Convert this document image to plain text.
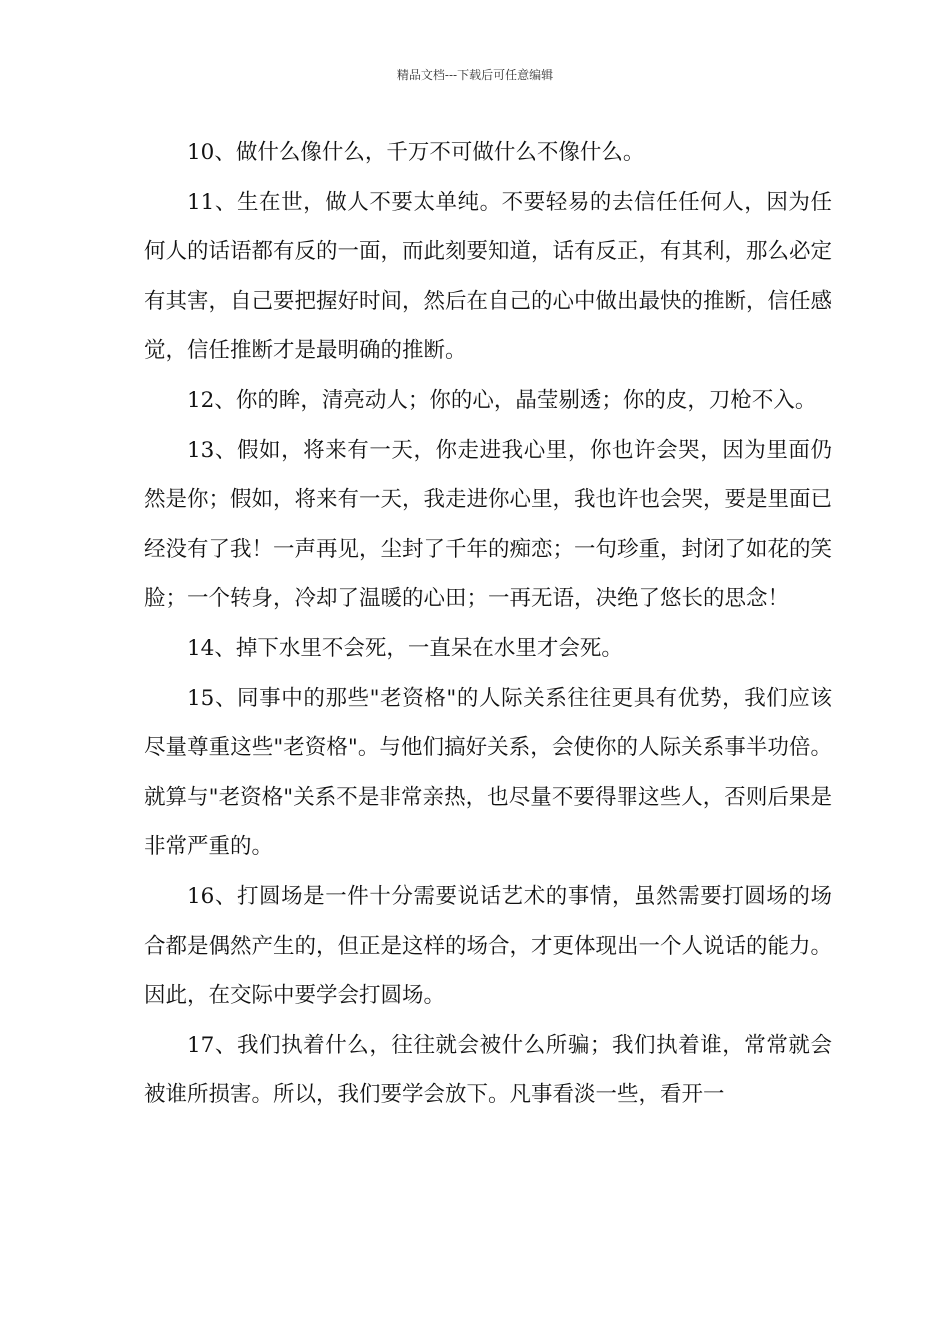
精品文档---下载后可任意编辑

10、做什么像什么，千万不可做什么不像什么。

11、生在世，做人不要太单纯。不要轻易的去信任任何人，因为任何人的话语都有反的一面，而此刻要知道，话有反正，有其利，那么必定有其害，自己要把握好时间，然后在自己的心中做出最快的推断，信任感觉，信任推断才是最明确的推断。

12、你的眸，清亮动人；你的心，晶莹剔透；你的皮，刀枪不入。

13、假如，将来有一天，你走进我心里，你也许会哭，因为里面仍然是你；假如，将来有一天，我走进你心里，我也许也会哭，要是里面已经没有了我！一声再见，尘封了千年的痴恋；一句珍重，封闭了如花的笑脸；一个转身，冷却了温暖的心田；一再无语，决绝了悠长的思念！

14、掉下水里不会死，一直呆在水里才会死。

15、同事中的那些"老资格"的人际关系往往更具有优势，我们应该尽量尊重这些"老资格"。与他们搞好关系，会使你的人际关系事半功倍。就算与"老资格"关系不是非常亲热，也尽量不要得罪这些人，否则后果是非常严重的。

16、打圆场是一件十分需要说话艺术的事情，虽然需要打圆场的场合都是偶然产生的，但正是这样的场合，才更体现出一个人说话的能力。因此，在交际中要学会打圆场。

17、我们执着什么，往往就会被什么所骗；我们执着谁，常常就会被谁所损害。所以，我们要学会放下。凡事看淡一些，看开一
